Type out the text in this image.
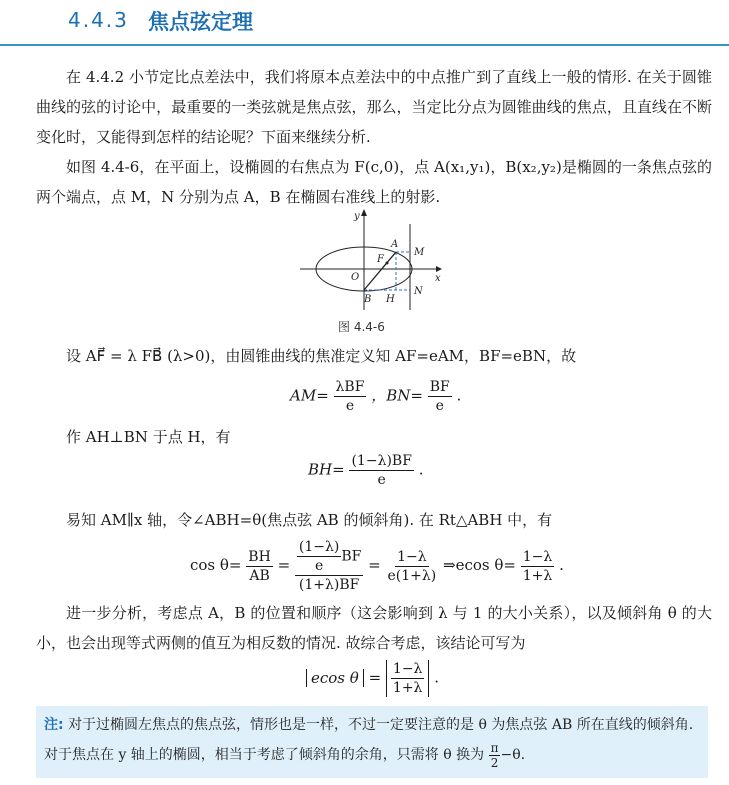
4.4.3 焦点弦定理
在 4.4.2 小节定比点差法中，我们将原本点差法中的中点推广到了直线上一般的情形. 在关于圆锥曲线的弦的讨论中，最重要的一类弦就是焦点弦，那么，当定比分点为圆锥曲线的焦点，且直线在不断变化时，又能得到怎样的结论呢？下面来继续分析.
如图 4.4-6，在平面上，设椭圆的右焦点为 F(c,0)，点 A(x₁,y₁)，B(x₂,y₂)是椭圆的一条焦点弦的两个端点，点 M，N 分别为点 A，B 在椭圆右准线上的射影.
y
x
O
A
F
M
B H
N
图 4.4-6
设 AF⃗ = λ FB⃗ (λ>0)，由圆锥曲线的焦准定义知 AF=eAM，BF=eBN，故
$AM= \frac{\text{λBF}}{e}$ ，$BN= \frac{BF}{e}$ .
作 AH⊥BN 于点 H，有
$BH= \frac{(1-\lambda)BF}{e}$ .
易知 AM∥x 轴，令∠ABH=θ(焦点弦 AB 的倾斜角). 在 Rt△ABH 中，有
$\cos \theta= \frac{BH}{AB} = \frac{\frac{(1-\lambda)}{e} BF}{(1+\lambda)BF} = \frac{1-\lambda}{e(1+\lambda)}$ ⇒ecos $\theta= \frac{1-\lambda}{1+\lambda}$ .
进一步分析，考虑点 A，B 的位置和顺序（这会影响到 λ 与 1 的大小关系），以及倾斜角 θ 的大小，也会出现等式两侧的值互为相反数的情况. 故综合考虑，该结论可写为
ecos $\theta = \frac{1-\lambda}{1+\lambda}$ .
注: 对于过椭圆左焦点的焦点弦，情形也是一样，不过一定要注意的是 θ 为焦点弦 AB 所在直线的倾斜角. 对于焦点在 y 轴上的椭圆，相当于考虑了倾斜角的余角，只需将 θ 换为 $\frac{\pi}{2} -\theta$.
